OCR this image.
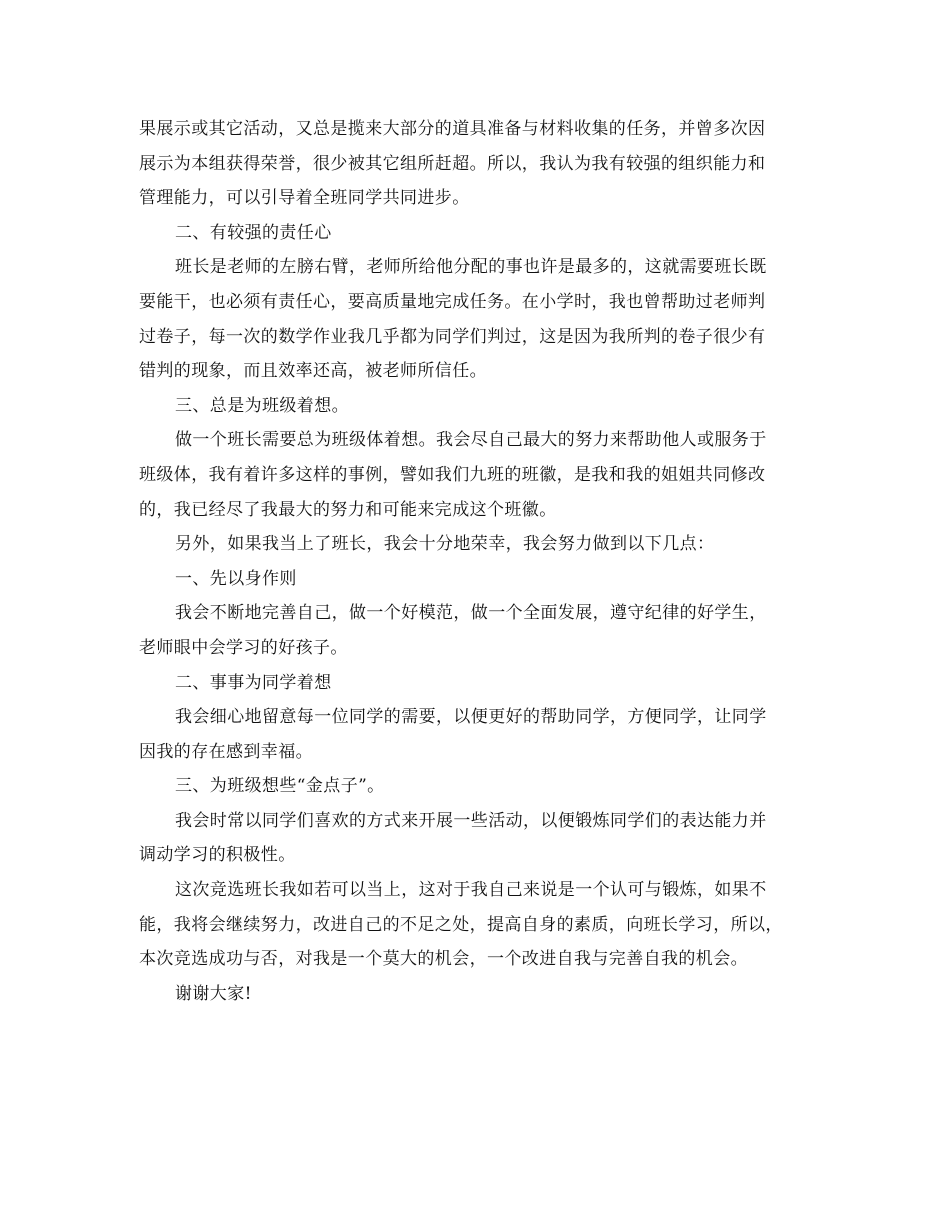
果展示或其它活动，又总是揽来大部分的道具准备与材料收集的任务，并曾多次因

展示为本组获得荣誉，很少被其它组所赶超。所以，我认为我有较强的组织能力和

管理能力，可以引导着全班同学共同进步。

二、有较强的责任心

班长是老师的左膀右臂，老师所给他分配的事也许是最多的，这就需要班长既

要能干，也必须有责任心，要高质量地完成任务。在小学时，我也曾帮助过老师判

过卷子，每一次的数学作业我几乎都为同学们判过，这是因为我所判的卷子很少有

错判的现象，而且效率还高，被老师所信任。

三、总是为班级着想。

做一个班长需要总为班级体着想。我会尽自己最大的努力来帮助他人或服务于

班级体，我有着许多这样的事例，譬如我们九班的班徽，是我和我的姐姐共同修改

的，我已经尽了我最大的努力和可能来完成这个班徽。

另外，如果我当上了班长，我会十分地荣幸，我会努力做到以下几点：

一、先以身作则

我会不断地完善自己，做一个好模范，做一个全面发展，遵守纪律的好学生，

老师眼中会学习的好孩子。

二、事事为同学着想

我会细心地留意每一位同学的需要，以便更好的帮助同学，方便同学，让同学

因我的存在感到幸福。

三、为班级想些“金点子”。

我会时常以同学们喜欢的方式来开展一些活动，以便锻炼同学们的表达能力并

调动学习的积极性。

这次竞选班长我如若可以当上，这对于我自己来说是一个认可与锻炼，如果不

能，我将会继续努力，改进自己的不足之处，提高自身的素质，向班长学习，所以，

本次竞选成功与否，对我是一个莫大的机会，一个改进自我与完善自我的机会。

谢谢大家!
